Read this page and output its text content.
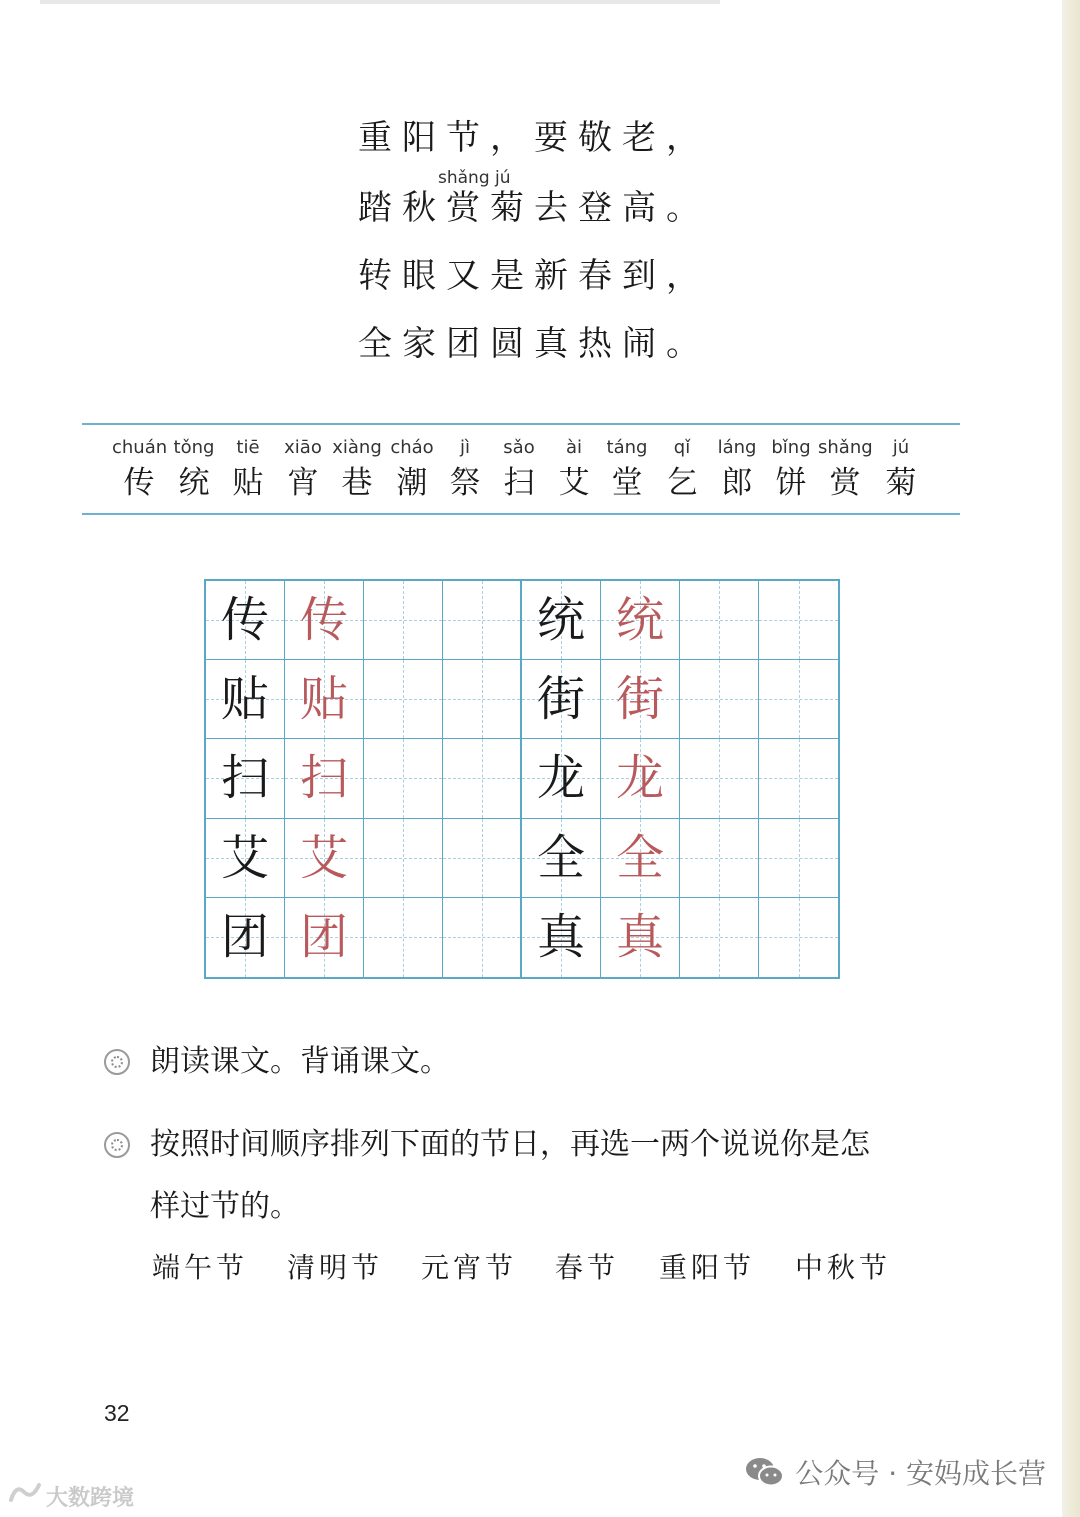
重阳节，要敬老，
shǎng jú
踏秋赏菊去登高。
转眼又是新春到，
全家团圆真热闹。
chuán
传
tǒng
统
tiē
贴
xiāo
宵
xiàng
巷
cháo
潮
jì
祭
sǎo
扫
ài
艾
táng
堂
qǐ
乞
láng
郎
bǐng
饼
shǎng
赏
jú
菊
传 传	统 统
贴 贴	街 街
扫 扫	龙 龙
艾 艾	全 全
团 团	真 真
朗读课文。背诵课文。
按照时间顺序排列下面的节日，再选一两个说说你是怎
样过节的。
端午节 清明节 元宵节 春节 重阳节 中秋节
32
公众号 · 安妈成长营
大数跨境
